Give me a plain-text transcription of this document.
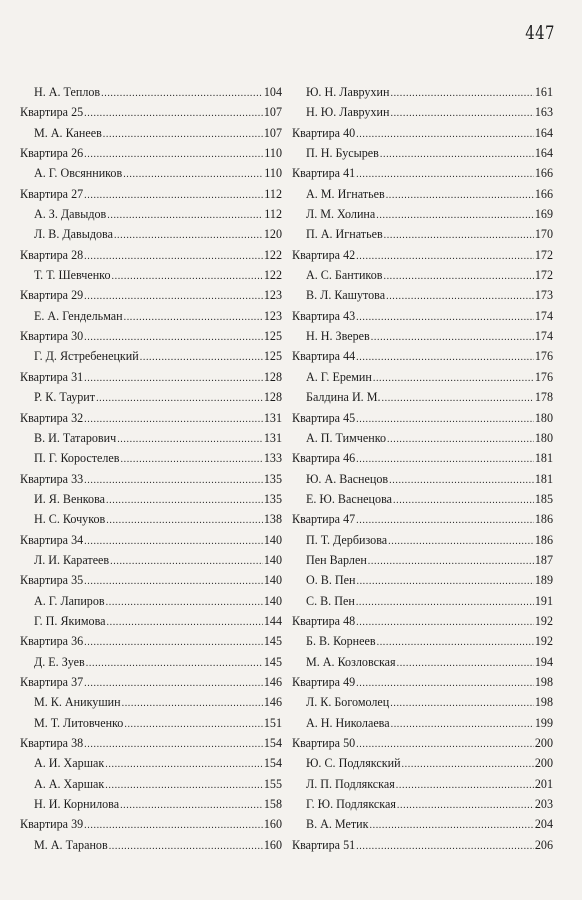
447
Н. А. Теплов .....	104
Квартира 25 .....	107
М. А. Канеев .....	107
Квартира 26 .....	110
А. Г. Овсянников .....	110
Квартира 27 .....	112
А. З. Давыдов .....	112
Л. В. Давыдова .....	120
Квартира 28 .....	122
Т. Т. Шевченко .....	122
Квартира 29 .....	123
Е. А. Гендельман .....	123
Квартира 30 .....	125
Г. Д. Ястребенецкий .....	125
Квартира 31 .....	128
Р. К. Таурит .....	128
Квартира 32 .....	131
В. И. Татарович .....	131
П. Г. Коростелев .....	133
Квартира 33 .....	135
И. Я. Венкова .....	135
Н. С. Кочуков .....	138
Квартира 34 .....	140
Л. И. Каратеев .....	140
Квартира 35 .....	140
А. Г. Лапиров .....	140
Г. П. Якимова .....	144
Квартира 36 .....	145
Д. Е. Зуев .....	145
Квартира 37 .....	146
М. К. Аникушин .....	146
М. Т. Литовченко .....	151
Квартира 38 .....	154
А. И. Харшак .....	154
А. А. Харшак .....	155
Н. И. Корнилова .....	158
Квартира 39 .....	160
М. А. Таранов .....	160
Ю. Н. Лаврухин .....	161
Н. Ю. Лаврухин .....	163
Квартира 40 .....	164
П. Н. Бусырев .....	164
Квартира 41 .....	166
А. М. Игнатьев .....	166
Л. М. Холина .....	169
П. А. Игнатьев .....	170
Квартира 42 .....	172
А. С. Бантиков .....	172
В. Л. Кашутова .....	173
Квартира 43 .....	174
Н. Н. Зверев .....	174
Квартира 44 .....	176
А. Г. Еремин .....	176
Балдина И. М. .....	178
Квартира 45 .....	180
А. П. Тимченко .....	180
Квартира 46 .....	181
Ю. А. Васнецов .....	181
Е. Ю. Васнецова .....	185
Квартира 47 .....	186
П. Т. Дербизова .....	186
Пен Варлен .....	187
О. В. Пен .....	189
С. В. Пен .....	191
Квартира 48 .....	192
Б. В. Корнеев .....	192
М. А. Козловская .....	194
Квартира 49 .....	198
Л. К. Богомолец .....	198
А. Н. Николаева .....	199
Квартира 50 .....	200
Ю. С. Подлякский .....	200
Л. П. Подлякская .....	201
Г. Ю. Подлякская .....	203
В. А. Метик .....	204
Квартира 51 .....	206
